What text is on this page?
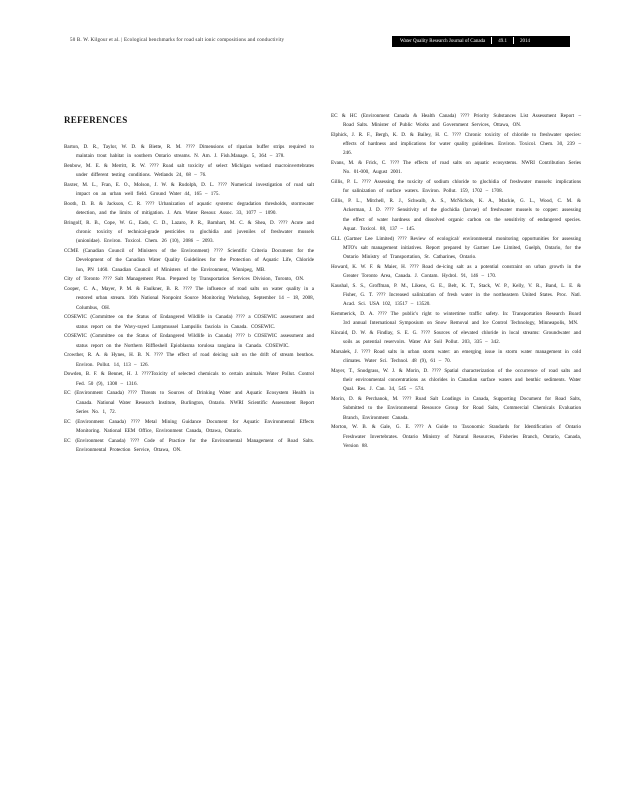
50 B. W. Kilgour et al. | Ecological benchmarks for road salt ionic compositions and conductivity	Water Quality Research Journal of Canada	49.1	2014
REFERENCES

Barton, D. R., Taylor, W. D. & Biette, R. M. ???? Dimensions of riparian buffer strips required to maintain trout habitat in southern Ontario streams. N. Am. J. Fish.Manage. 5, 364 – 378.

Benbow, M. E. & Merritt, R. W. ???? Road salt toxicity of select Michigan wetland macroinvertebrates under different testing conditions. Wetlands 24, 68 – 76.

Baxter, M. L., Fran, E. O., Molson, J. W. & Rudolph, D. L. ???? Numerical investigation of road salt impact on an urban well field. Ground Water 44, 165 – 175.

Booth, D. B. & Jackson, C. R. ???? Urbanization of aquatic systems: degradation thresholds, stormwater detection, and the limits of mitigation. J. Am. Water Resour. Assoc. 33, 1077 – 1090.

Bringolf, R. B., Cope, W. G., Eads, C. D., Lazaro, P. R., Barnhart, M. C. & Shea, D. ???? Acute and chronic toxicity of technical-grade pesticides to glochidia and juveniles of freshwater mussels (unionidae). Environ. Toxicol. Chem. 26 (10), 2086 – 2093.

CCME (Canadian Council of Ministers of the Environment) ???? Scientific Criteria Document for the Development of the Canadian Water Quality Guidelines for the Protection of Aquatic Life, Chloride Ion, PN 1460. Canadian Council of Ministers of the Environment, Winnipeg, MB.

City of Toronto ???? Salt Management Plan. Prepared by Transportation Services Division, Toronto, ON.

Cooper, C. A., Mayer, P. M. & Faulkner, B. R. ???? The influence of road salts on water quality in a restored urban stream. 16th National Nonpoint Source Monitoring Workshop, September 14 – 18, 2008, Columbus, OH.

COSEWIC (Committee on the Status of Endangered Wildlife in Canada) ???? a COSEWIC assessment and status report on the Wavy-rayed Lampmussel Lampsilis fasciola in Canada. COSEWIC.

COSEWIC (Committee on the Status of Endangered Wildlife in Canada) ???? b COSEWIC assessment and status report on the Northern Riffleshell Epioblasma torulosa rangiana in Canada. COSEWIC.

Crowther, R. A. & Hynes, H. B. N. ???? The effect of road deicing salt on the drift of stream benthos. Environ. Pollut. 14, 113 – 126.

Dowden, B. F. & Bennet, H. J. ????Toxicity of selected chemicals to certain animals. Water Pollut. Control Fed. 50 (9), 1308 – 1316.

EC (Environment Canada) ???? Threats to Sources of Drinking Water and Aquatic Ecosystem Health in Canada. National Water Research Institute, Burlington, Ontario. NWRI Scientific Assessment Report Series No. 1, 72.

EC (Environment Canada) ???? Metal Mining Guidance Document for Aquatic Environmental Effects Monitoring. National EEM Office, Environment Canada, Ottawa, Ontario.

EC (Environment Canada) ???? Code of Practice for the Environmental Management of Road Salts. Environmental Protection Service, Ottawa, ON.

EC & HC (Environment Canada & Health Canada) ???? Priority Substances List Assessment Report – Road Salts. Minister of Public Works and Government Services, Ottawa, ON.

Elphick, J. R. F., Bergh, K. D. & Bailey, H. C. ???? Chronic toxicity of chloride to freshwater species: effects of hardness and implications for water quality guidelines. Environ. Toxicol. Chem. 30, 239 – 246.

Evans, M. & Frick, C. ???? The effects of road salts on aquatic ecosystems. NWRI Contribution Series No. 01-000, August 2001.

Gillis, P. L. ???? Assessing the toxicity of sodium chloride to glochidia of freshwater mussels: implications for salinization of surface waters. Environ. Pollut. 159, 1702 – 1708.

Gillis, P. L., Mitchell, R. J., Schwalb, A. S., McNichols, K. A., Mackie, G. L., Wood, C. M. & Ackerman, J. D. ???? Sensitivity of the glochidia (larvae) of freshwater mussels to copper: assessing the effect of water hardness and dissolved organic carbon on the sensitivity of endangered species. Aquat. Toxicol. 88, 137 – 145.

GLL (Gartner Lee Limited) ???? Review of ecological/ environmental monitoring opportunities for assessing MTO's salt management initiatives. Report prepared by Gartner Lee Limited, Guelph, Ontario, for the Ontario Ministry of Transportation, St. Catharines, Ontario.

Howard, K. W. F. & Maier, H. ???? Road de-icing salt as a potential constraint on urban growth in the Greater Toronto Area, Canada. J. Contam. Hydrol. 91, 146 – 170.

Kaushal, S. S., Groffman, P. M., Likens, G. E., Belt, K. T., Stack, W. P., Kelly, V. R., Band, L. E. & Fisher, G. T. ???? Increased salinization of fresh water in the northeastern United States. Proc. Natl. Acad. Sci. USA 102, 13517 – 13520.

Kemmerick, D. A. ???? The public's right to wintertime traffic safety. In: Transportation Research Board 3rd annual International Symposium on Snow Removal and Ice Control Technology, Minneapolis, MN.

Kincaid, D. W. & Findlay, S. E. G. ???? Sources of elevated chloride in local streams: Groundwater and soils as potential reservoirs. Water Air Soil Pollut. 203, 335 – 342.

Marsalek, J. ???? Road salts in urban storm water: an emerging issue in storm water management in cold climates. Water Sci. Technol. 48 (9), 61 – 70.

Mayer, T., Snodgrass, W. J. & Morin, D. ???? Spatial characterization of the occurrence of road salts and their environmental concentrations as chlorides in Canadian surface waters and benthic sediments. Water Qual. Res. J. Can. 34, 545 – 574.

Morin, D. & Perchanok, M. ???? Road Salt Loadings in Canada, Supporting Document for Road Salts, Submitted to the Environmental Resource Group for Road Salts, Commercial Chemicals Evaluation Branch, Environment Canada.

Morton, W. B. & Gale, G. E. ???? A Guide to Taxonomic Standards for Identification of Ontario Freshwater Invertebrates. Ontario Ministry of Natural Resources, Fisheries Branch, Ontario, Canada, Version 88.
